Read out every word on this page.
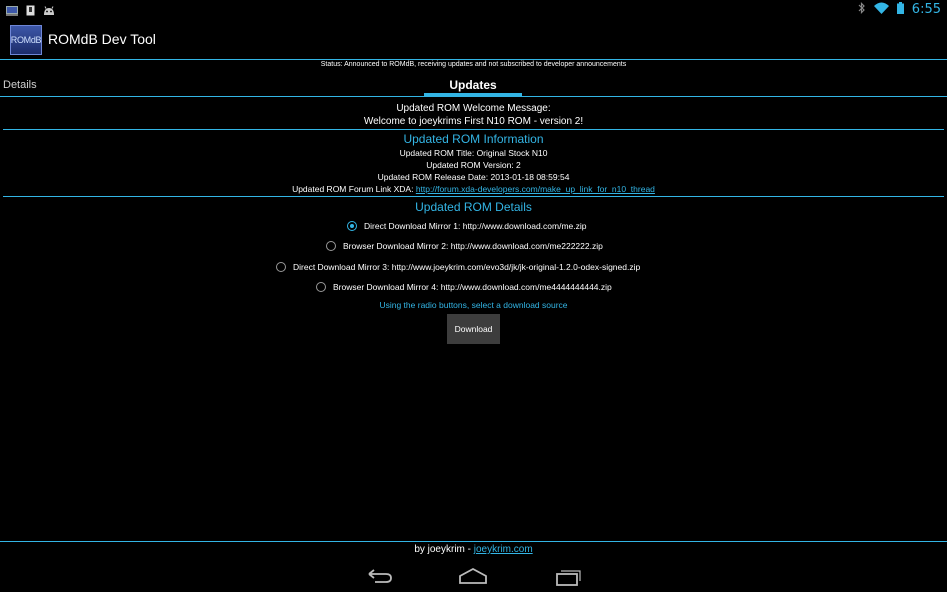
6:55
ROMdB ROMdB Dev Tool
Status: Announced to ROMdB, receiving updates and not subscribed to developer announcements
Details	Updates
Updated ROM Welcome Message:
Welcome to joeykrims First N10 ROM - version 2!
Updated ROM Information
Updated ROM Title: Original Stock N10
Updated ROM Version: 2
Updated ROM Release Date: 2013-01-18 08:59:54
Updated ROM Forum Link XDA: http://forum.xda-developers.com/make_up_link_for_n10_thread
Updated ROM Details
Direct Download Mirror 1: http://www.download.com/me.zip
Browser Download Mirror 2: http://www.download.com/me222222.zip
Direct Download Mirror 3: http://www.joeykrim.com/evo3d/jk/jk-original-1.2.0-odex-signed.zip
Browser Download Mirror 4: http://www.download.com/me4444444444.zip
Using the radio buttons, select a download source
Download
by joeykrim - joeykrim.com
